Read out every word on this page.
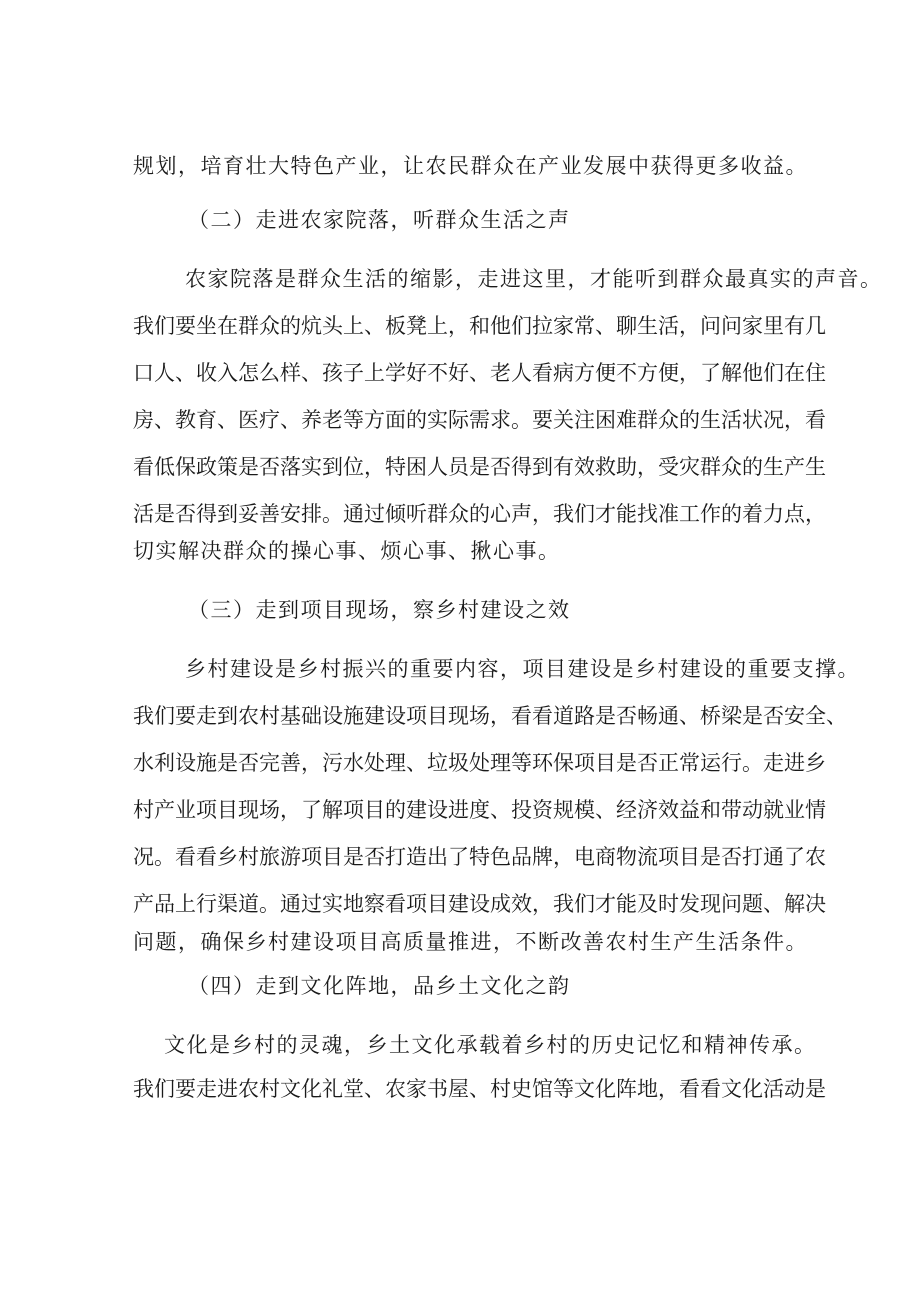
规划，培育壮大特色产业，让农民群众在产业发展中获得更多收益。
（二）走进农家院落，听群众生活之声
农家院落是群众生活的缩影，走进这里，才能听到群众最真实的声音。
我们要坐在群众的炕头上、板凳上，和他们拉家常、聊生活，问问家里有几
口人、收入怎么样、孩子上学好不好、老人看病方便不方便，了解他们在住
房、教育、医疗、养老等方面的实际需求。要关注困难群众的生活状况，看
看低保政策是否落实到位，特困人员是否得到有效救助，受灾群众的生产生
活是否得到妥善安排。通过倾听群众的心声，我们才能找准工作的着力点，
切实解决群众的操心事、烦心事、揪心事。
（三）走到项目现场，察乡村建设之效
乡村建设是乡村振兴的重要内容，项目建设是乡村建设的重要支撑。
我们要走到农村基础设施建设项目现场，看看道路是否畅通、桥梁是否安全、
水利设施是否完善，污水处理、垃圾处理等环保项目是否正常运行。走进乡
村产业项目现场，了解项目的建设进度、投资规模、经济效益和带动就业情
况。看看乡村旅游项目是否打造出了特色品牌，电商物流项目是否打通了农
产品上行渠道。通过实地察看项目建设成效，我们才能及时发现问题、解决
问题，确保乡村建设项目高质量推进，不断改善农村生产生活条件。
（四）走到文化阵地，品乡土文化之韵
文化是乡村的灵魂，乡土文化承载着乡村的历史记忆和精神传承。
我们要走进农村文化礼堂、农家书屋、村史馆等文化阵地，看看文化活动是
